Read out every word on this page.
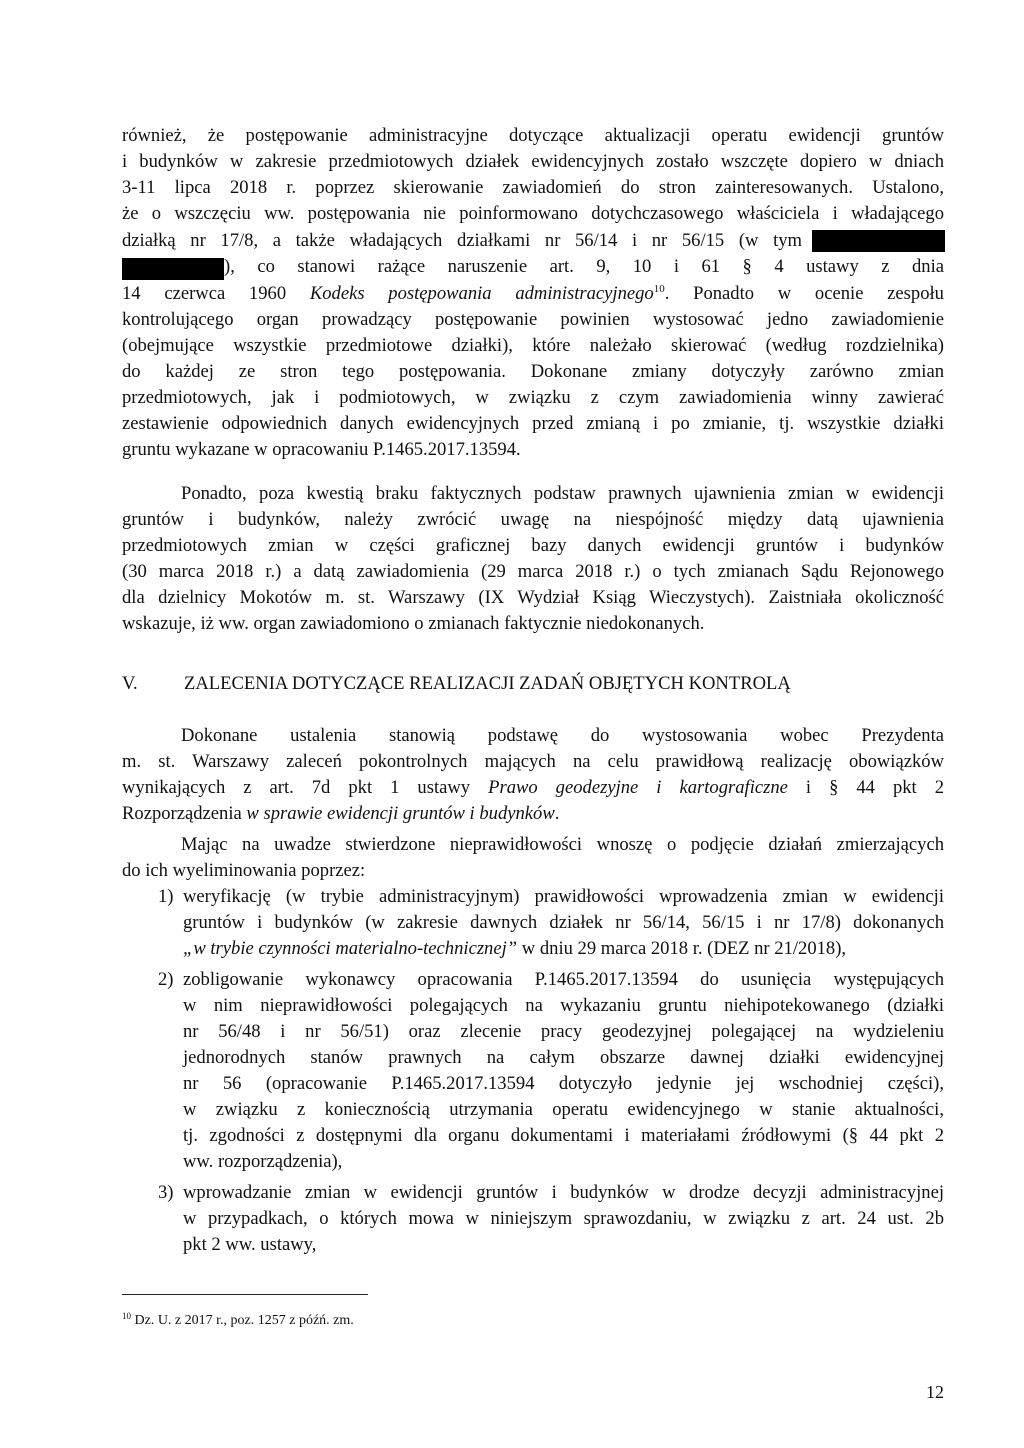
również, że postępowanie administracyjne dotyczące aktualizacji operatu ewidencji gruntów
i budynków w zakresie przedmiotowych działek ewidencyjnych zostało wszczęte dopiero w dniach
3-11 lipca 2018 r. poprzez skierowanie zawiadomień do stron zainteresowanych. Ustalono,
że o wszczęciu ww. postępowania nie poinformowano dotychczasowego właściciela i władającego
działką nr 17/8, a także władających działkami nr 56/14 i nr 56/15 (w tym
), co stanowi rażące naruszenie art. 9, 10 i 61 § 4 ustawy z dnia
14 czerwca 1960 Kodeks postępowania administracyjnego$^{10}$. Ponadto w ocenie zespołu
kontrolującego organ prowadzący postępowanie powinien wystosować jedno zawiadomienie
(obejmujące wszystkie przedmiotowe działki), które należało skierować (według rozdzielnika)
do każdej ze stron tego postępowania. Dokonane zmiany dotyczyły zarówno zmian
przedmiotowych, jak i podmiotowych, w związku z czym zawiadomienia winny zawierać
zestawienie odpowiednich danych ewidencyjnych przed zmianą i po zmianie, tj. wszystkie działki
gruntu wykazane w opracowaniu P.1465.2017.13594.
Ponadto, poza kwestią braku faktycznych podstaw prawnych ujawnienia zmian w ewidencji
gruntów i budynków, należy zwrócić uwagę na niespójność między datą ujawnienia
przedmiotowych zmian w części graficznej bazy danych ewidencji gruntów i budynków
(30 marca 2018 r.) a datą zawiadomienia (29 marca 2018 r.) o tych zmianach Sądu Rejonowego
dla dzielnicy Mokotów m. st. Warszawy (IX Wydział Ksiąg Wieczystych). Zaistniała okoliczność
wskazuje, iż ww. organ zawiadomiono o zmianach faktycznie niedokonanych.
V. ZALECENIA DOTYCZĄCE REALIZACJI ZADAŃ OBJĘTYCH KONTROLĄ
Dokonane ustalenia stanowią podstawę do wystosowania wobec Prezydenta
m. st. Warszawy zaleceń pokontrolnych mających na celu prawidłową realizację obowiązków
wynikających z art. 7d pkt 1 ustawy Prawo geodezyjne i kartograficzne i § 44 pkt 2
Rozporządzenia w sprawie ewidencji gruntów i budynków.
Mając na uwadze stwierdzone nieprawidłowości wnoszę o podjęcie działań zmierzających
do ich wyeliminowania poprzez:
1) weryfikację (w trybie administracyjnym) prawidłowości wprowadzenia zmian w ewidencji
gruntów i budynków (w zakresie dawnych działek nr 56/14, 56/15 i nr 17/8) dokonanych
„w trybie czynności materialno-technicznej” w dniu 29 marca 2018 r. (DEZ nr 21/2018),
2) zobligowanie wykonawcy opracowania P.1465.2017.13594 do usunięcia występujących
w nim nieprawidłowości polegających na wykazaniu gruntu niehipotekowanego (działki
nr 56/48 i nr 56/51) oraz zlecenie pracy geodezyjnej polegającej na wydzieleniu
jednorodnych stanów prawnych na całym obszarze dawnej działki ewidencyjnej
nr 56 (opracowanie P.1465.2017.13594 dotyczyło jedynie jej wschodniej części),
w związku z koniecznością utrzymania operatu ewidencyjnego w stanie aktualności,
tj. zgodności z dostępnymi dla organu dokumentami i materiałami źródłowymi (§ 44 pkt 2
ww. rozporządzenia),
3) wprowadzanie zmian w ewidencji gruntów i budynków w drodze decyzji administracyjnej
w przypadkach, o których mowa w niniejszym sprawozdaniu, w związku z art. 24 ust. 2b
pkt 2 ww. ustawy,
$^{10}$ Dz. U. z 2017 r., poz. 1257 z późń. zm.
12
